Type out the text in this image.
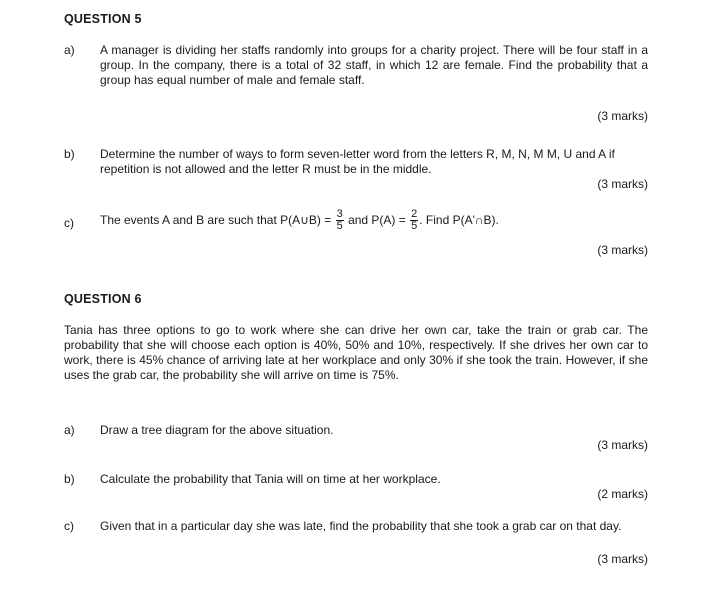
QUESTION 5
a) A manager is dividing her staffs randomly into groups for a charity project. There will be four staff in a group. In the company, there is a total of 32 staff, in which 12 are female. Find the probability that a group has equal number of male and female staff.
(3 marks)
b) Determine the number of ways to form seven-letter word from the letters R, M, N, M M, U and A if repetition is not allowed and the letter R must be in the middle.
(3 marks)
c) The events A and B are such that P(A∪B) = $\frac{3}{5}$ and $P(A) = \frac{2}{5}$ . Find P(A'∩B).
(3 marks)
QUESTION 6
Tania has three options to go to work where she can drive her own car, take the train or grab car. The probability that she will choose each option is 40%, 50% and 10%, respectively. If she drives her own car to work, there is 45% chance of arriving late at her workplace and only 30% if she took the train. However, if she uses the grab car, the probability she will arrive on time is 75%.
a) Draw a tree diagram for the above situation.
(3 marks)
b) Calculate the probability that Tania will on time at her workplace.
(2 marks)
c) Given that in a particular day she was late, find the probability that she took a grab car on that day.
(3 marks)
